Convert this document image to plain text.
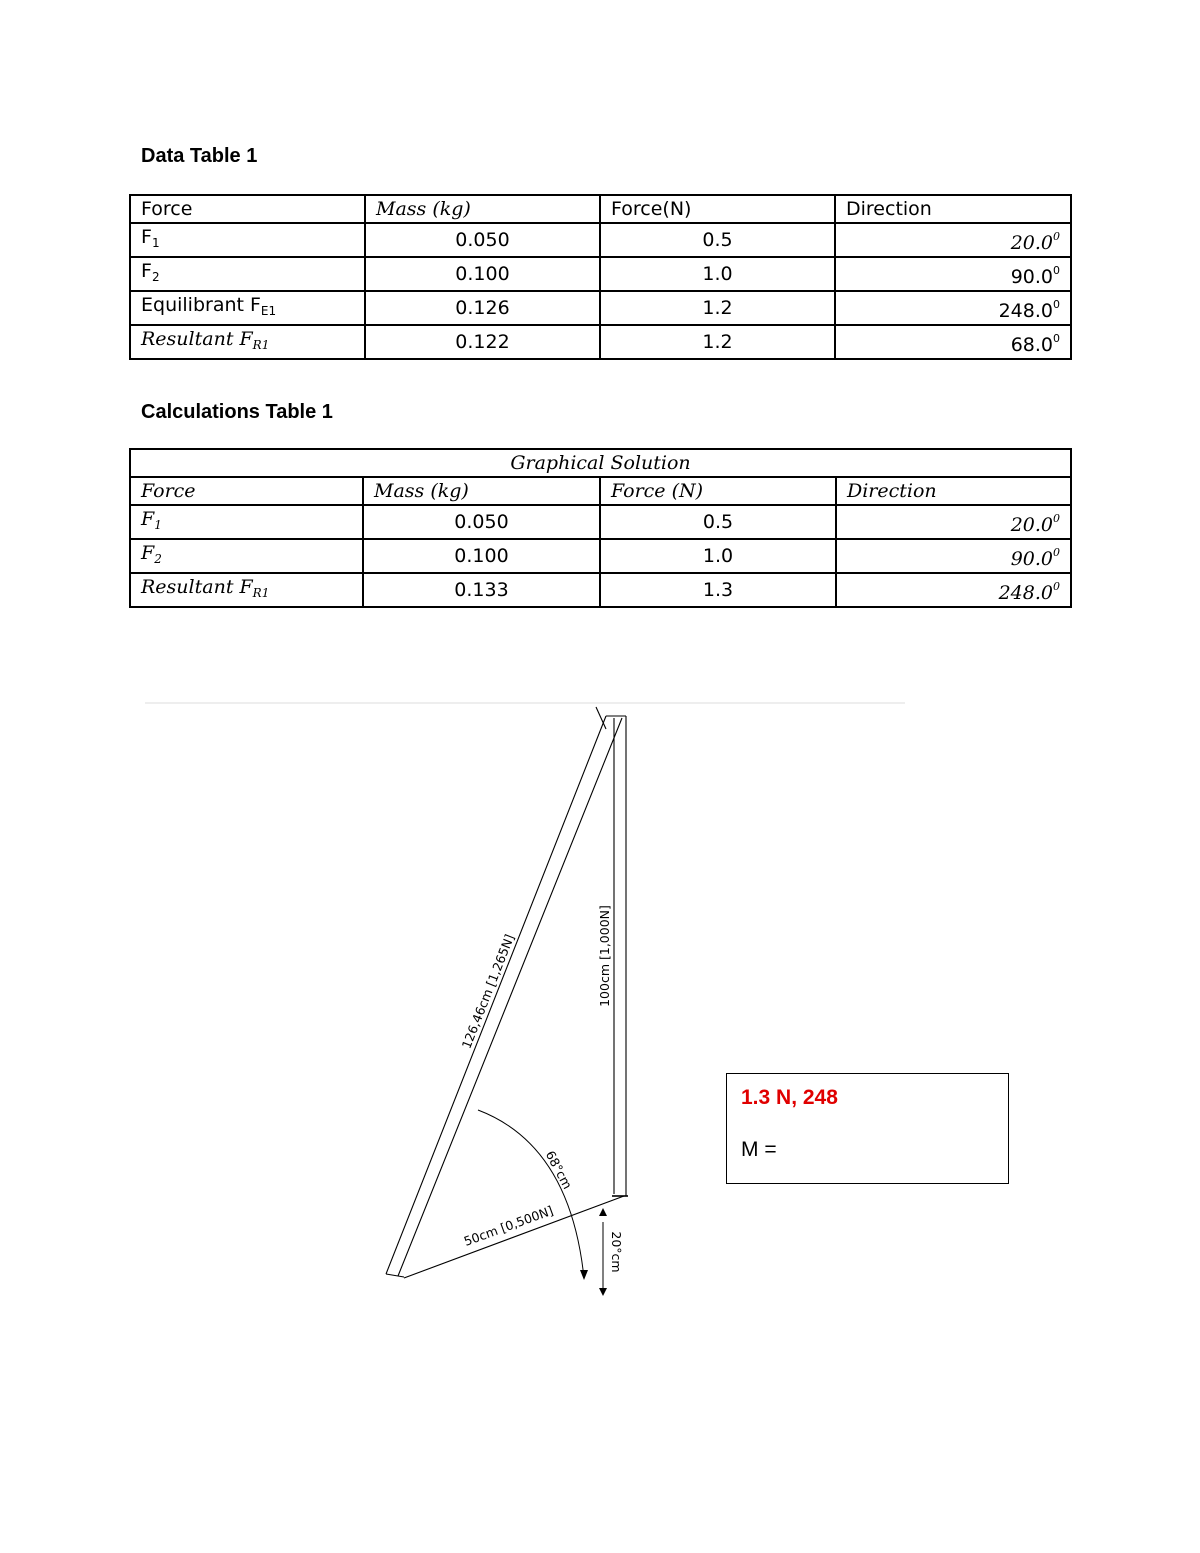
Data Table 1
Force	Mass (kg)	Force(N)	Direction
$F_1$	0.050	0.5	20.0$^0$
$F_2$	0.100	1.0	90.0$^0$
Equilibrant $F_{E1}$	0.126	1.2	248.0$^0$
Resultant $F_{R1}$	0.122	1.2	68.0$^0$
Calculations Table 1
Graphical Solution			
Force	Mass (kg)	Force (N)	Direction
$F_1$	0.050	0.5	20.0$^0$
$F_2$	0.100	1.0	90.0$^0$
Resultant $F_{R1}$	0.133	1.3	248.0$^0$
126,46cm [1,265N]	100cm [1,000N]
50cm [0,500N]
68°cm
20°cm
1.3 N, 248
M =
